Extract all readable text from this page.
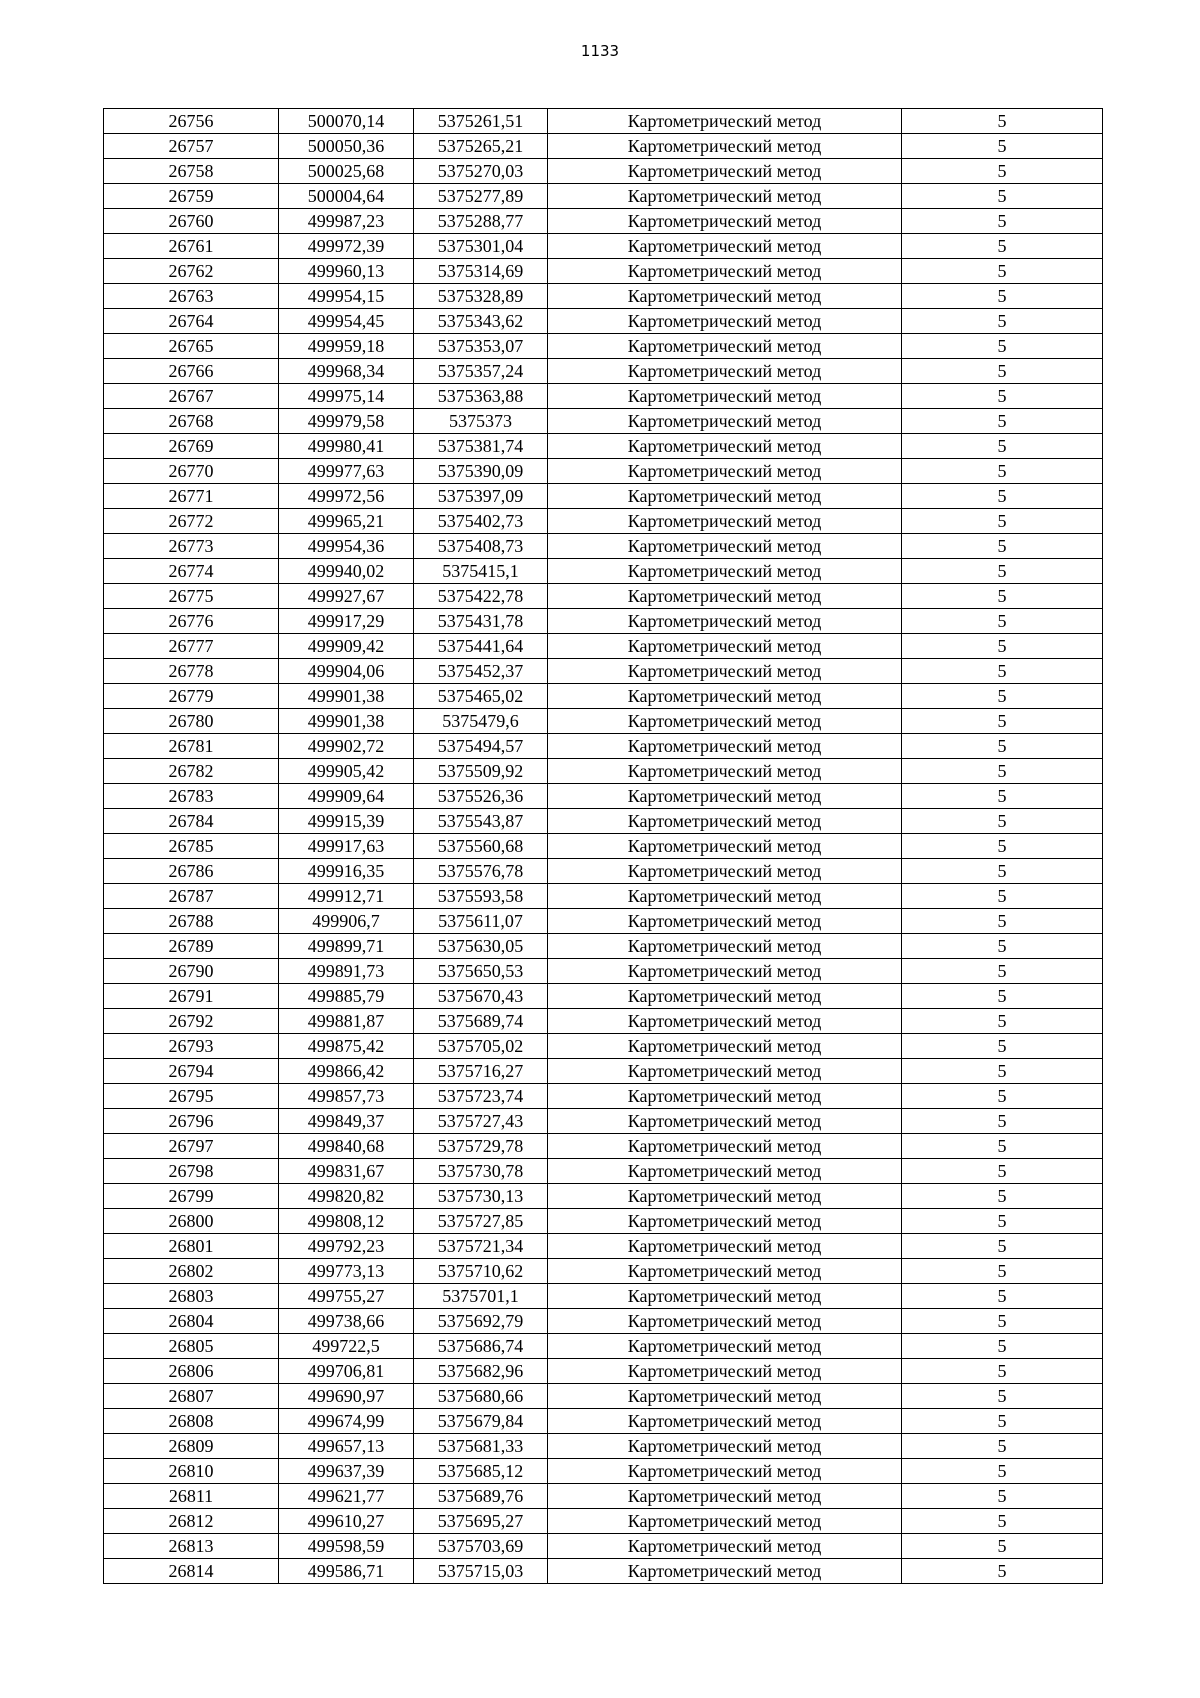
1133
26756	500070,14	5375261,51	Картометрический метод	5
26757	500050,36	5375265,21	Картометрический метод	5
26758	500025,68	5375270,03	Картометрический метод	5
26759	500004,64	5375277,89	Картометрический метод	5
26760	499987,23	5375288,77	Картометрический метод	5
26761	499972,39	5375301,04	Картометрический метод	5
26762	499960,13	5375314,69	Картометрический метод	5
26763	499954,15	5375328,89	Картометрический метод	5
26764	499954,45	5375343,62	Картометрический метод	5
26765	499959,18	5375353,07	Картометрический метод	5
26766	499968,34	5375357,24	Картометрический метод	5
26767	499975,14	5375363,88	Картометрический метод	5
26768	499979,58	5375373	Картометрический метод	5
26769	499980,41	5375381,74	Картометрический метод	5
26770	499977,63	5375390,09	Картометрический метод	5
26771	499972,56	5375397,09	Картометрический метод	5
26772	499965,21	5375402,73	Картометрический метод	5
26773	499954,36	5375408,73	Картометрический метод	5
26774	499940,02	5375415,1	Картометрический метод	5
26775	499927,67	5375422,78	Картометрический метод	5
26776	499917,29	5375431,78	Картометрический метод	5
26777	499909,42	5375441,64	Картометрический метод	5
26778	499904,06	5375452,37	Картометрический метод	5
26779	499901,38	5375465,02	Картометрический метод	5
26780	499901,38	5375479,6	Картометрический метод	5
26781	499902,72	5375494,57	Картометрический метод	5
26782	499905,42	5375509,92	Картометрический метод	5
26783	499909,64	5375526,36	Картометрический метод	5
26784	499915,39	5375543,87	Картометрический метод	5
26785	499917,63	5375560,68	Картометрический метод	5
26786	499916,35	5375576,78	Картометрический метод	5
26787	499912,71	5375593,58	Картометрический метод	5
26788	499906,7	5375611,07	Картометрический метод	5
26789	499899,71	5375630,05	Картометрический метод	5
26790	499891,73	5375650,53	Картометрический метод	5
26791	499885,79	5375670,43	Картометрический метод	5
26792	499881,87	5375689,74	Картометрический метод	5
26793	499875,42	5375705,02	Картометрический метод	5
26794	499866,42	5375716,27	Картометрический метод	5
26795	499857,73	5375723,74	Картометрический метод	5
26796	499849,37	5375727,43	Картометрический метод	5
26797	499840,68	5375729,78	Картометрический метод	5
26798	499831,67	5375730,78	Картометрический метод	5
26799	499820,82	5375730,13	Картометрический метод	5
26800	499808,12	5375727,85	Картометрический метод	5
26801	499792,23	5375721,34	Картометрический метод	5
26802	499773,13	5375710,62	Картометрический метод	5
26803	499755,27	5375701,1	Картометрический метод	5
26804	499738,66	5375692,79	Картометрический метод	5
26805	499722,5	5375686,74	Картометрический метод	5
26806	499706,81	5375682,96	Картометрический метод	5
26807	499690,97	5375680,66	Картометрический метод	5
26808	499674,99	5375679,84	Картометрический метод	5
26809	499657,13	5375681,33	Картометрический метод	5
26810	499637,39	5375685,12	Картометрический метод	5
26811	499621,77	5375689,76	Картометрический метод	5
26812	499610,27	5375695,27	Картометрический метод	5
26813	499598,59	5375703,69	Картометрический метод	5
26814	499586,71	5375715,03	Картометрический метод	5
